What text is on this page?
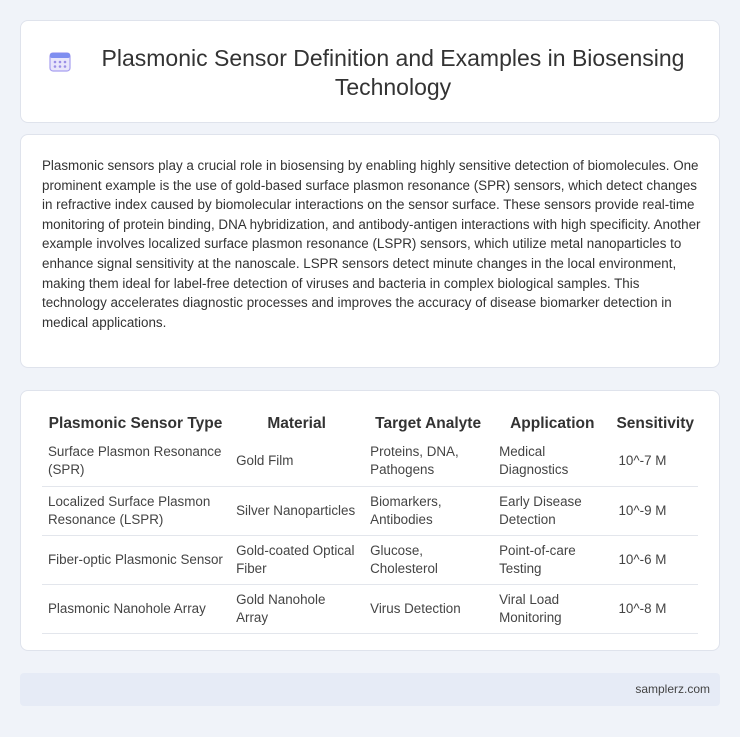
Plasmonic Sensor Definition and Examples in Biosensing Technology

Plasmonic sensors play a crucial role in biosensing by enabling highly sensitive detection of biomolecules. One prominent example is the use of gold-based surface plasmon resonance (SPR) sensors, which detect changes in refractive index caused by biomolecular interactions on the sensor surface. These sensors provide real-time monitoring of protein binding, DNA hybridization, and antibody-antigen interactions with high specificity. Another example involves localized surface plasmon resonance (LSPR) sensors, which utilize metal nanoparticles to enhance signal sensitivity at the nanoscale. LSPR sensors detect minute changes in the local environment, making them ideal for label-free detection of viruses and bacteria in complex biological samples. This technology accelerates diagnostic processes and improves the accuracy of disease biomarker detection in medical applications.

Plasmonic Sensor Type	Material	Target Analyte	Application	Sensitivity
Surface Plasmon Resonance (SPR)	Gold Film	Proteins, DNA, Pathogens	Medical Diagnostics	10^-7 M
Localized Surface Plasmon Resonance (LSPR)	Silver Nanoparticles	Biomarkers, Antibodies	Early Disease Detection	10^-9 M
Fiber-optic Plasmonic Sensor	Gold-coated Optical Fiber	Glucose, Cholesterol	Point-of-care Testing	10^-6 M
Plasmonic Nanohole Array	Gold Nanohole Array	Virus Detection	Viral Load Monitoring	10^-8 M
samplerz.com
